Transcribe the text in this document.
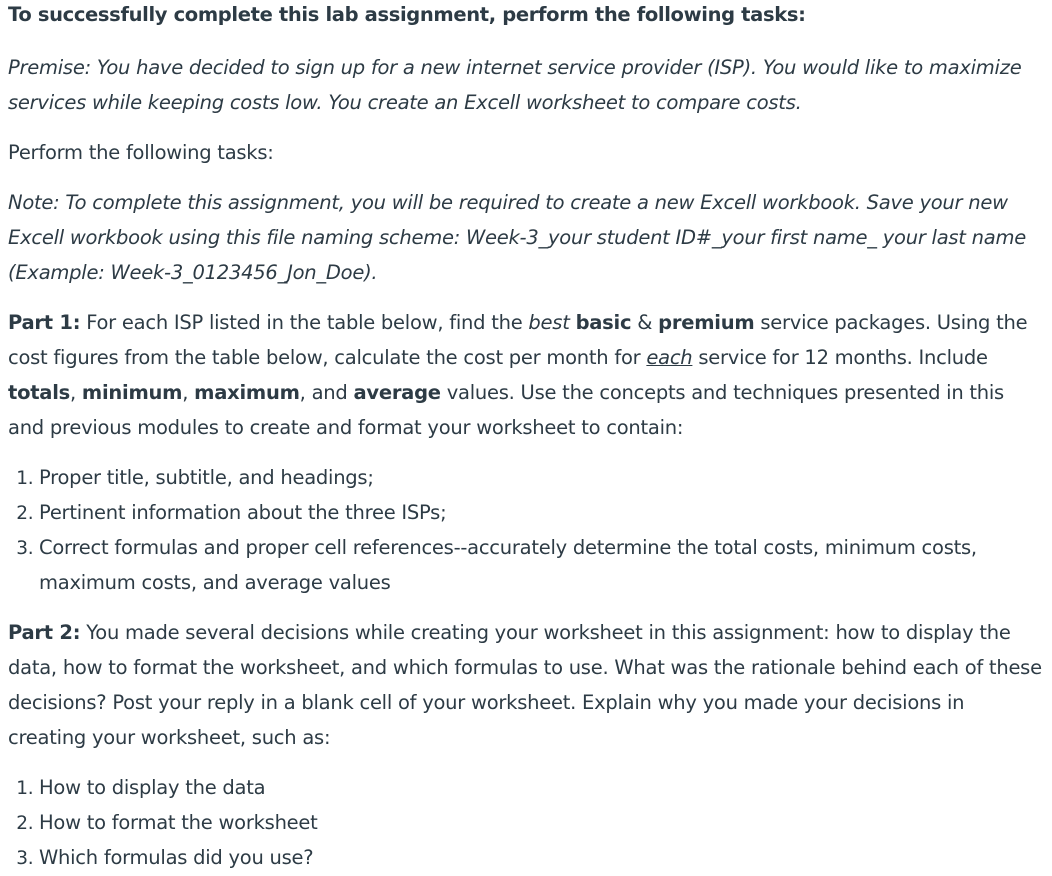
To successfully complete this lab assignment, perform the following tasks:

Premise: You have decided to sign up for a new internet service provider (ISP). You would like to maximize services while keeping costs low. You create an Excell worksheet to compare costs.

Perform the following tasks:

Note: To complete this assignment, you will be required to create a new Excell workbook. Save your new Excell workbook using this file naming scheme: Week-3_your student ID#_your first name_ your last name (Example: Week-3_0123456_Jon_Doe).

Part 1: For each ISP listed in the table below, find the best basic & premium service packages. Using the cost figures from the table below, calculate the cost per month for each service for 12 months. Include totals, minimum, maximum, and average values. Use the concepts and techniques presented in this and previous modules to create and format your worksheet to contain:

1. Proper title, subtitle, and headings;
2. Pertinent information about the three ISPs;
3. Correct formulas and proper cell references--accurately determine the total costs, minimum costs, maximum costs, and average values

Part 2: You made several decisions while creating your worksheet in this assignment: how to display the data, how to format the worksheet, and which formulas to use. What was the rationale behind each of these decisions? Post your reply in a blank cell of your worksheet. Explain why you made your decisions in creating your worksheet, such as:

1. How to display the data
2. How to format the worksheet
3. Which formulas did you use?
